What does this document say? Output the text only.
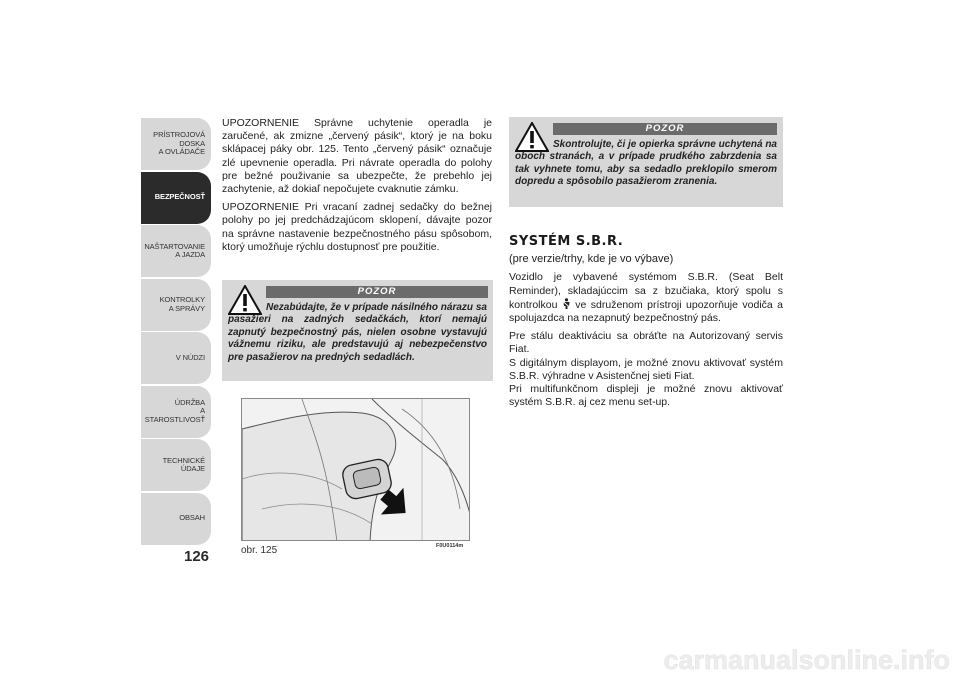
PRÍSTROJOVÁ
DOSKA
A OVLÁDAČE
BEZPEČNOSŤ
NAŠTARTOVANIE
A JAZDA
KONTROLKY
A SPRÁVY
V NÚDZI
ÚDRŽBA
A STAROSTLIVOSŤ
TECHNICKÉ ÚDAJE
OBSAH
126

UPOZORNENIE Správne uchytenie operadla je zaručené, ak zmizne „červený pásik“, ktorý je na boku sklápacej páky obr. 125. Tento „červený pásik“ označuje zlé upevnenie operadla. Pri návrate operadla do polohy pre bežné použivanie sa ubezpečte, že prebehlo jej zachytenie, až dokiaľ nepočujete cvaknutie zámku.

UPOZORNENIE Pri vracaní zadnej sedačky do bežnej polohy po jej predchádzajúcom sklopení, dávajte pozor na správne nastavenie bezpečnostného pásu spôsobom, ktorý umožňuje rýchlu dostupnosť pre použitie.

POZOR
Nezabúdajte, že v prípade násilného nárazu sa pasažieri na zadných sedačkách, ktorí nemajú zapnutý bezpečnostný pás, nielen osobne vystavujú vážnemu riziku, ale predstavujú aj nebezpečenstvo pre pasažierov na predných sedadlách.
obr. 125	F0U0114m
POZOR
Skontrolujte, či je opierka správne uchytená na oboch stranách, a v prípade prudkého zabrzdenia sa tak vyhnete tomu, aby sa sedadlo preklopilo smerom dopredu a spôsobilo pasažierom zranenia.
SYSTÉM S.B.R.

(pre verzie/trhy, kde je vo výbave)

Vozidlo je vybavené systémom S.B.R. (Seat Belt Reminder), skladajúccim sa z bzučiaka, ktorý spolu s kontrolkou ve sdruženom prístroji upozorňuje vodiča a spolujazdca na nezapnutý bezpečnostný pás.

Pre stálu deaktiváciu sa obráťte na Autorizovaný servis Fiat.

S digitálnym displayom, je možné znovu aktivovať systém S.B.R. výhradne v Asistenčnej sieti Fiat.

Pri multifunkčnom displeji je možné znovu aktivovať systém S.B.R. aj cez menu set-up.

carmanualsonline.info
